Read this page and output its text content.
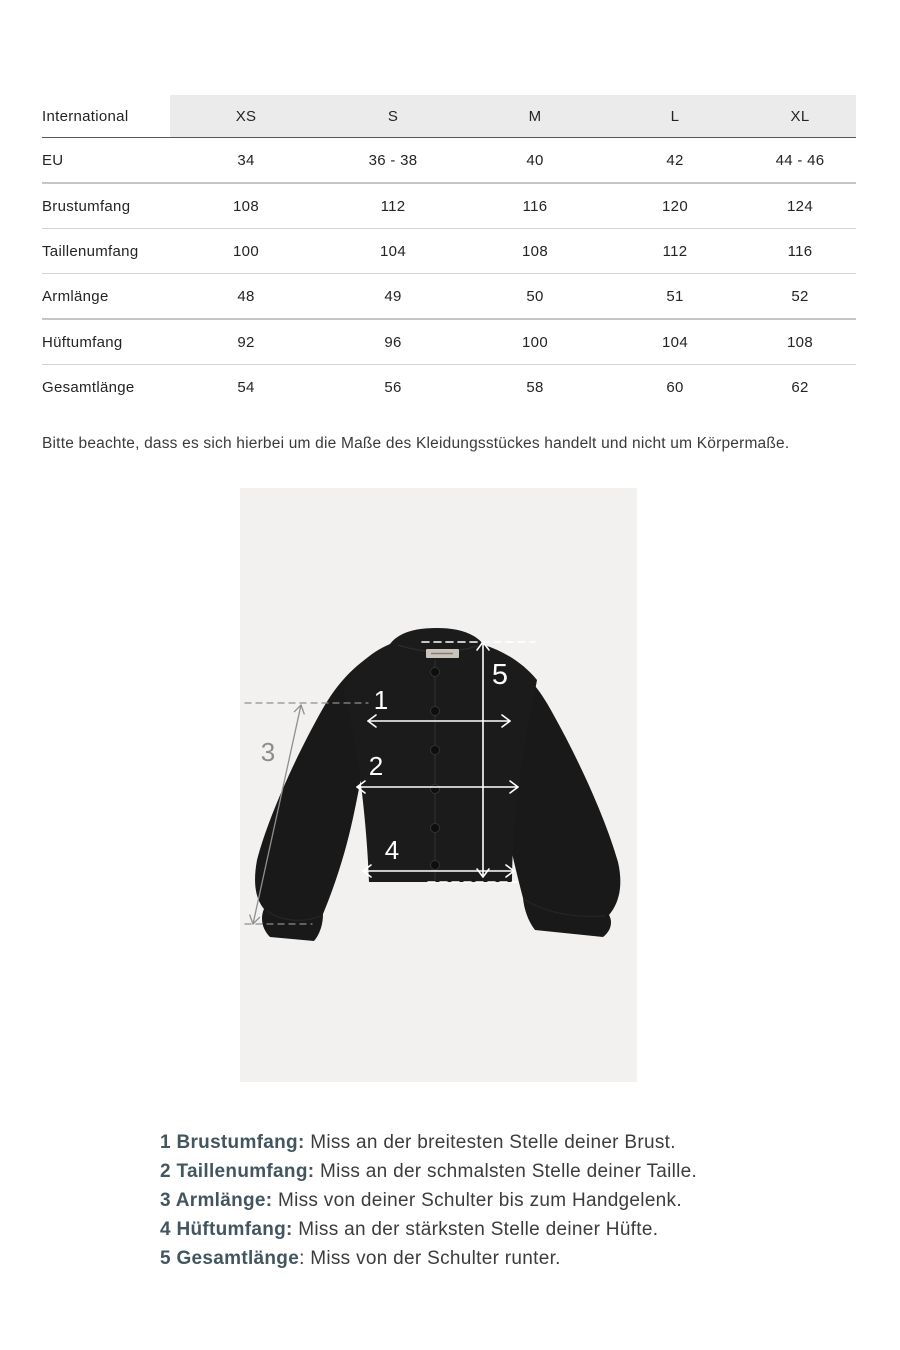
International	XS	S	M	L	XL
EU	34	36 - 38	40	42	44 - 46
Brustumfang	108	112	116	120	124
Taillenumfang	100	104	108	112	116
Armlänge	48	49	50	51	52
Hüftumfang	92	96	100	104	108
Gesamtlänge	54	56	58	60	62

Bitte beachte, dass es sich hierbei um die Maße des Kleidungsstückes handelt und nicht um Körpermaße.

1
2
3
4
5
1 Brustumfang: Miss an der breitesten Stelle deiner Brust.
2 Taillenumfang: Miss an der schmalsten Stelle deiner Taille.
3 Armlänge: Miss von deiner Schulter bis zum Handgelenk.
4 Hüftumfang: Miss an der stärksten Stelle deiner Hüfte.
5 Gesamtlänge: Miss von der Schulter runter.
